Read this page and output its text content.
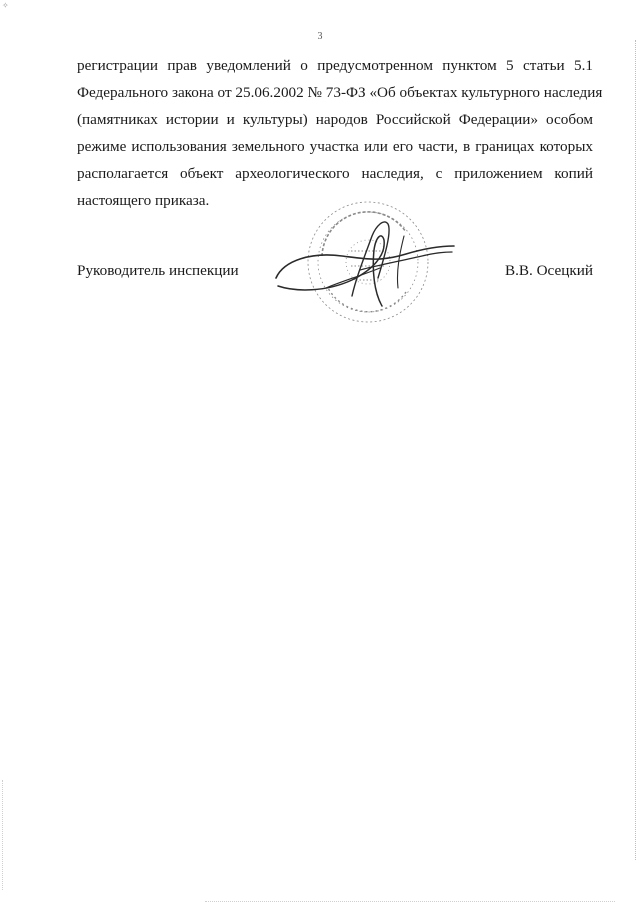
✧
3
регистрации прав уведомлений о предусмотренном пунктом 5 статьи 5.1
Федерального закона от 25.06.2002 № 73-ФЗ «Об объектах культурного наследия
(памятниках истории и культуры) народов Российской Федерации» особом
режиме использования земельного участка или его части, в границах которых
располагается объект археологического наследия, с приложением копий
настоящего приказа.
Руководитель инспекции	В.В. Осецкий
